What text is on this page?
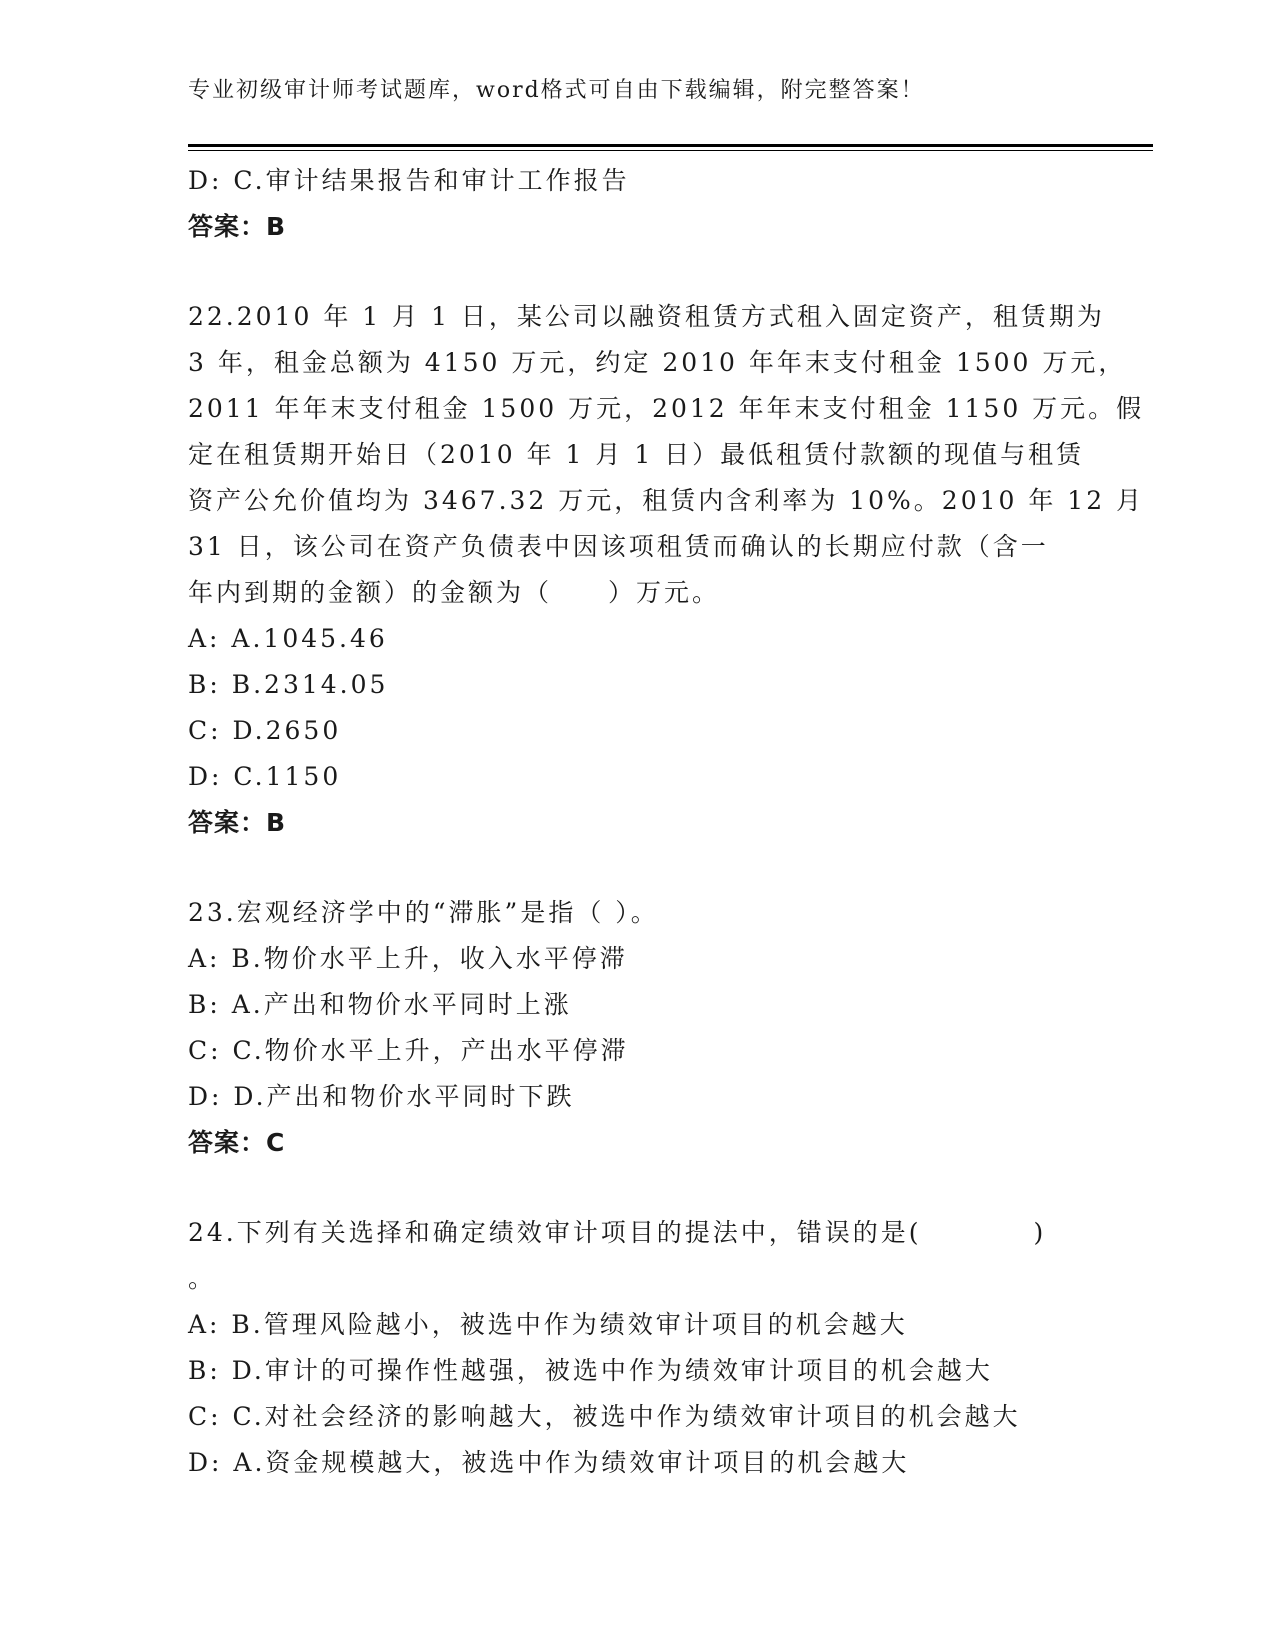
专业初级审计师考试题库，word格式可自由下载编辑，附完整答案！
D: C.审计结果报告和审计工作报告
答案：B
22.2010 年 1 月 1 日，某公司以融资租赁方式租入固定资产，租赁期为
3 年，租金总额为 4150 万元，约定 2010 年年末支付租金 1500 万元，
2011 年年末支付租金 1500 万元，2012 年年末支付租金 1150 万元。假
定在租赁期开始日（2010 年 1 月 1 日）最低租赁付款额的现值与租赁
资产公允价值均为 3467.32 万元，租赁内含利率为 10%。2010 年 12 月
31 日，该公司在资产负债表中因该项租赁而确认的长期应付款（含一
年内到期的金额）的金额为（　　）万元。
A: A.1045.46
B: B.2314.05
C: D.2650
D: C.1150
答案：B
23.宏观经济学中的“滞胀”是指（ ）。
A: B.物价水平上升，收入水平停滞
B: A.产出和物价水平同时上涨
C: C.物价水平上升，产出水平停滞
D: D.产出和物价水平同时下跌
答案：C
24.下列有关选择和确定绩效审计项目的提法中，错误的是(　　　　)
。
A: B.管理风险越小，被选中作为绩效审计项目的机会越大
B: D.审计的可操作性越强，被选中作为绩效审计项目的机会越大
C: C.对社会经济的影响越大，被选中作为绩效审计项目的机会越大
D: A.资金规模越大，被选中作为绩效审计项目的机会越大
